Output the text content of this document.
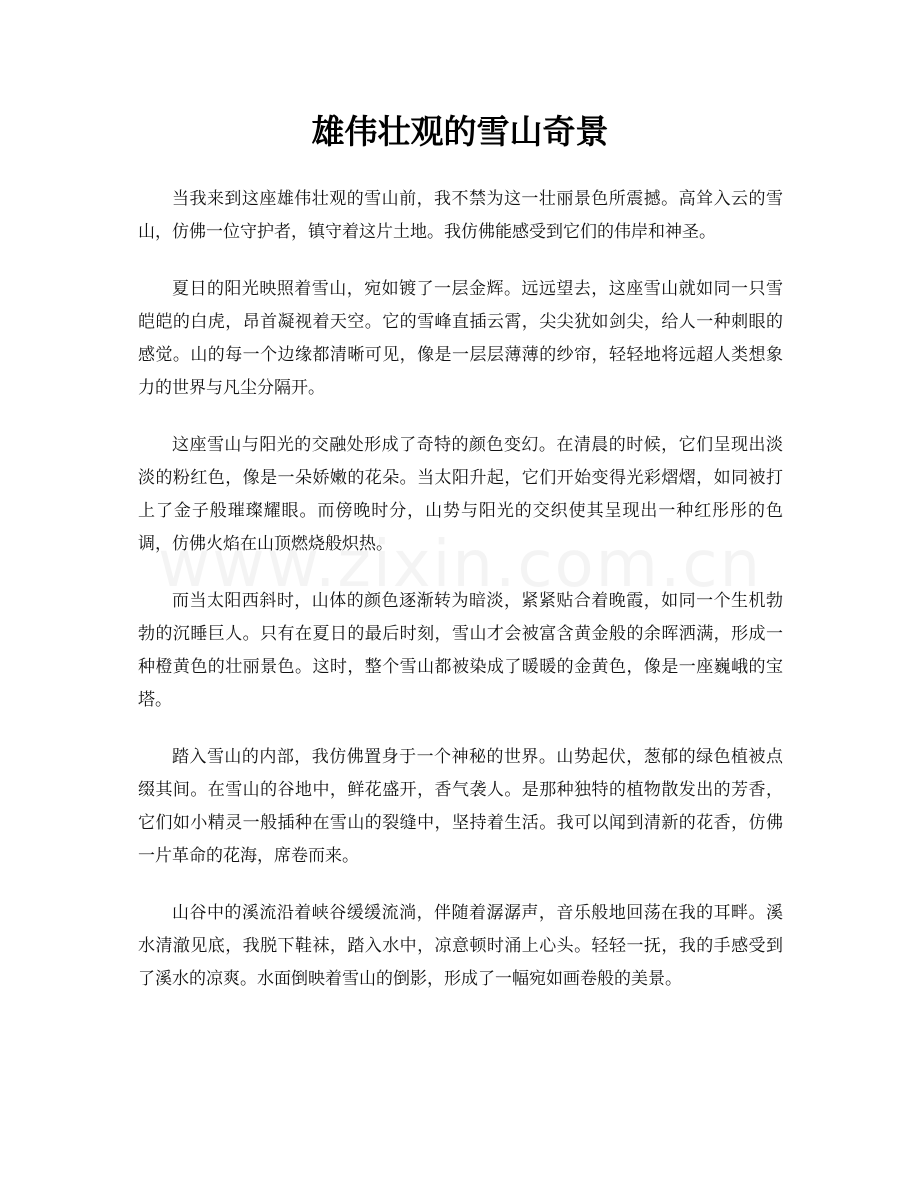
雄伟壮观的雪山奇景

当我来到这座雄伟壮观的雪山前，我不禁为这一壮丽景色所震撼。高耸入云的雪山，仿佛一位守护者，镇守着这片土地。我仿佛能感受到它们的伟岸和神圣。

夏日的阳光映照着雪山，宛如镀了一层金辉。远远望去，这座雪山就如同一只雪皑皑的白虎，昂首凝视着天空。它的雪峰直插云霄，尖尖犹如剑尖，给人一种刺眼的感觉。山的每一个边缘都清晰可见，像是一层层薄薄的纱帘，轻轻地将远超人类想象力的世界与凡尘分隔开。

这座雪山与阳光的交融处形成了奇特的颜色变幻。在清晨的时候，它们呈现出淡淡的粉红色，像是一朵娇嫩的花朵。当太阳升起，它们开始变得光彩熠熠，如同被打上了金子般璀璨耀眼。而傍晚时分，山势与阳光的交织使其呈现出一种红彤彤的色调，仿佛火焰在山顶燃烧般炽热。

而当太阳西斜时，山体的颜色逐渐转为暗淡，紧紧贴合着晚霞，如同一个生机勃勃的沉睡巨人。只有在夏日的最后时刻，雪山才会被富含黄金般的余晖洒满，形成一种橙黄色的壮丽景色。这时，整个雪山都被染成了暖暖的金黄色，像是一座巍峨的宝塔。

踏入雪山的内部，我仿佛置身于一个神秘的世界。山势起伏，葱郁的绿色植被点缀其间。在雪山的谷地中，鲜花盛开，香气袭人。是那种独特的植物散发出的芳香，它们如小精灵一般插种在雪山的裂缝中，坚持着生活。我可以闻到清新的花香，仿佛一片革命的花海，席卷而来。

山谷中的溪流沿着峡谷缓缓流淌，伴随着潺潺声，音乐般地回荡在我的耳畔。溪水清澈见底，我脱下鞋袜，踏入水中，凉意顿时涌上心头。轻轻一抚，我的手感受到了溪水的凉爽。水面倒映着雪山的倒影，形成了一幅宛如画卷般的美景。
